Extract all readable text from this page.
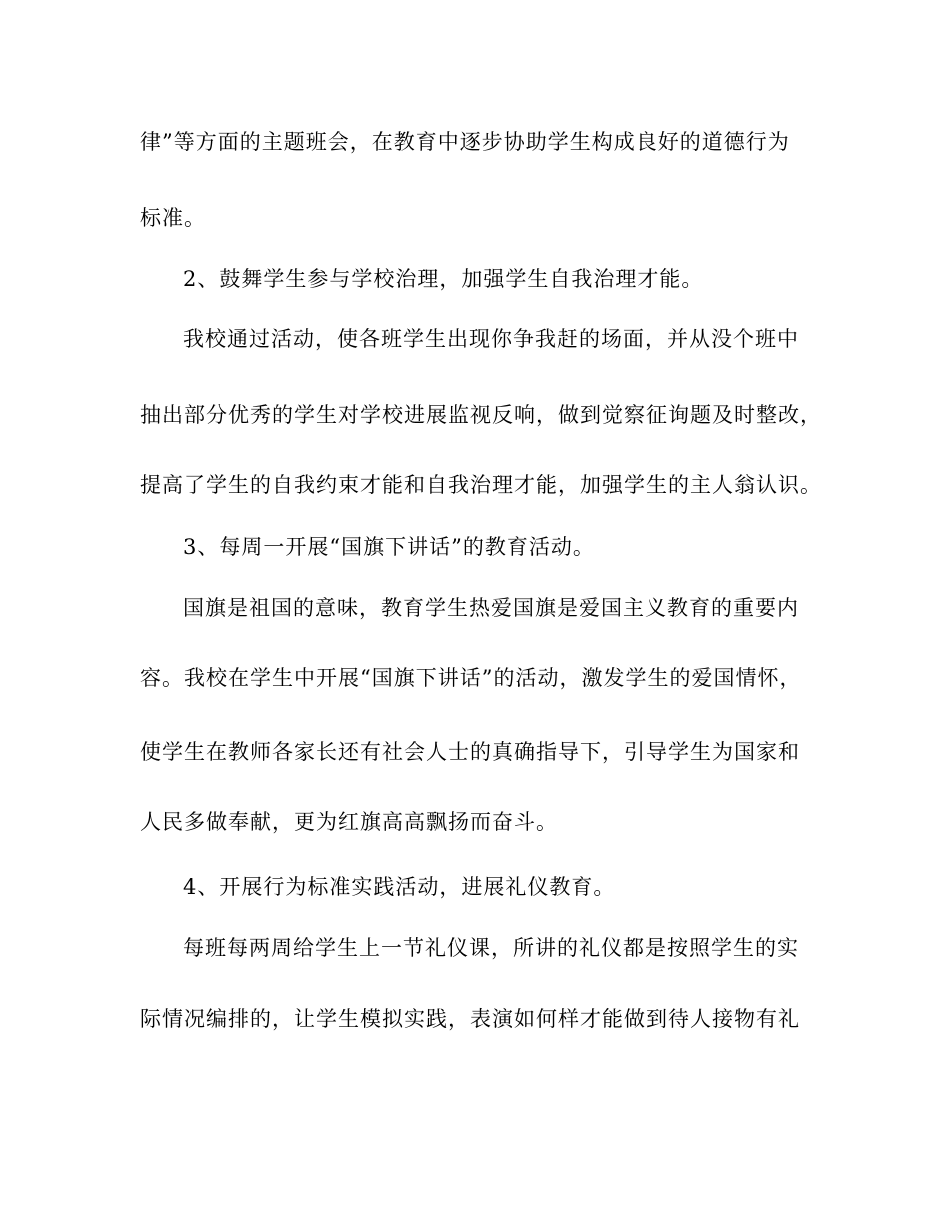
律”等方面的主题班会，在教育中逐步协助学生构成良好的道德行为
标准。
2、鼓舞学生参与学校治理，加强学生自我治理才能。
我校通过活动，使各班学生出现你争我赶的场面，并从没个班中
抽出部分优秀的学生对学校进展监视反响，做到觉察征询题及时整改，
提高了学生的自我约束才能和自我治理才能，加强学生的主人翁认识。
3、每周一开展“国旗下讲话”的教育活动。
国旗是祖国的意味，教育学生热爱国旗是爱国主义教育的重要内
容。我校在学生中开展“国旗下讲话”的活动，激发学生的爱国情怀，
使学生在教师各家长还有社会人士的真确指导下，引导学生为国家和
人民多做奉献，更为红旗高高飘扬而奋斗。
4、开展行为标准实践活动，进展礼仪教育。
每班每两周给学生上一节礼仪课，所讲的礼仪都是按照学生的实
际情况编排的，让学生模拟实践，表演如何样才能做到待人接物有礼
